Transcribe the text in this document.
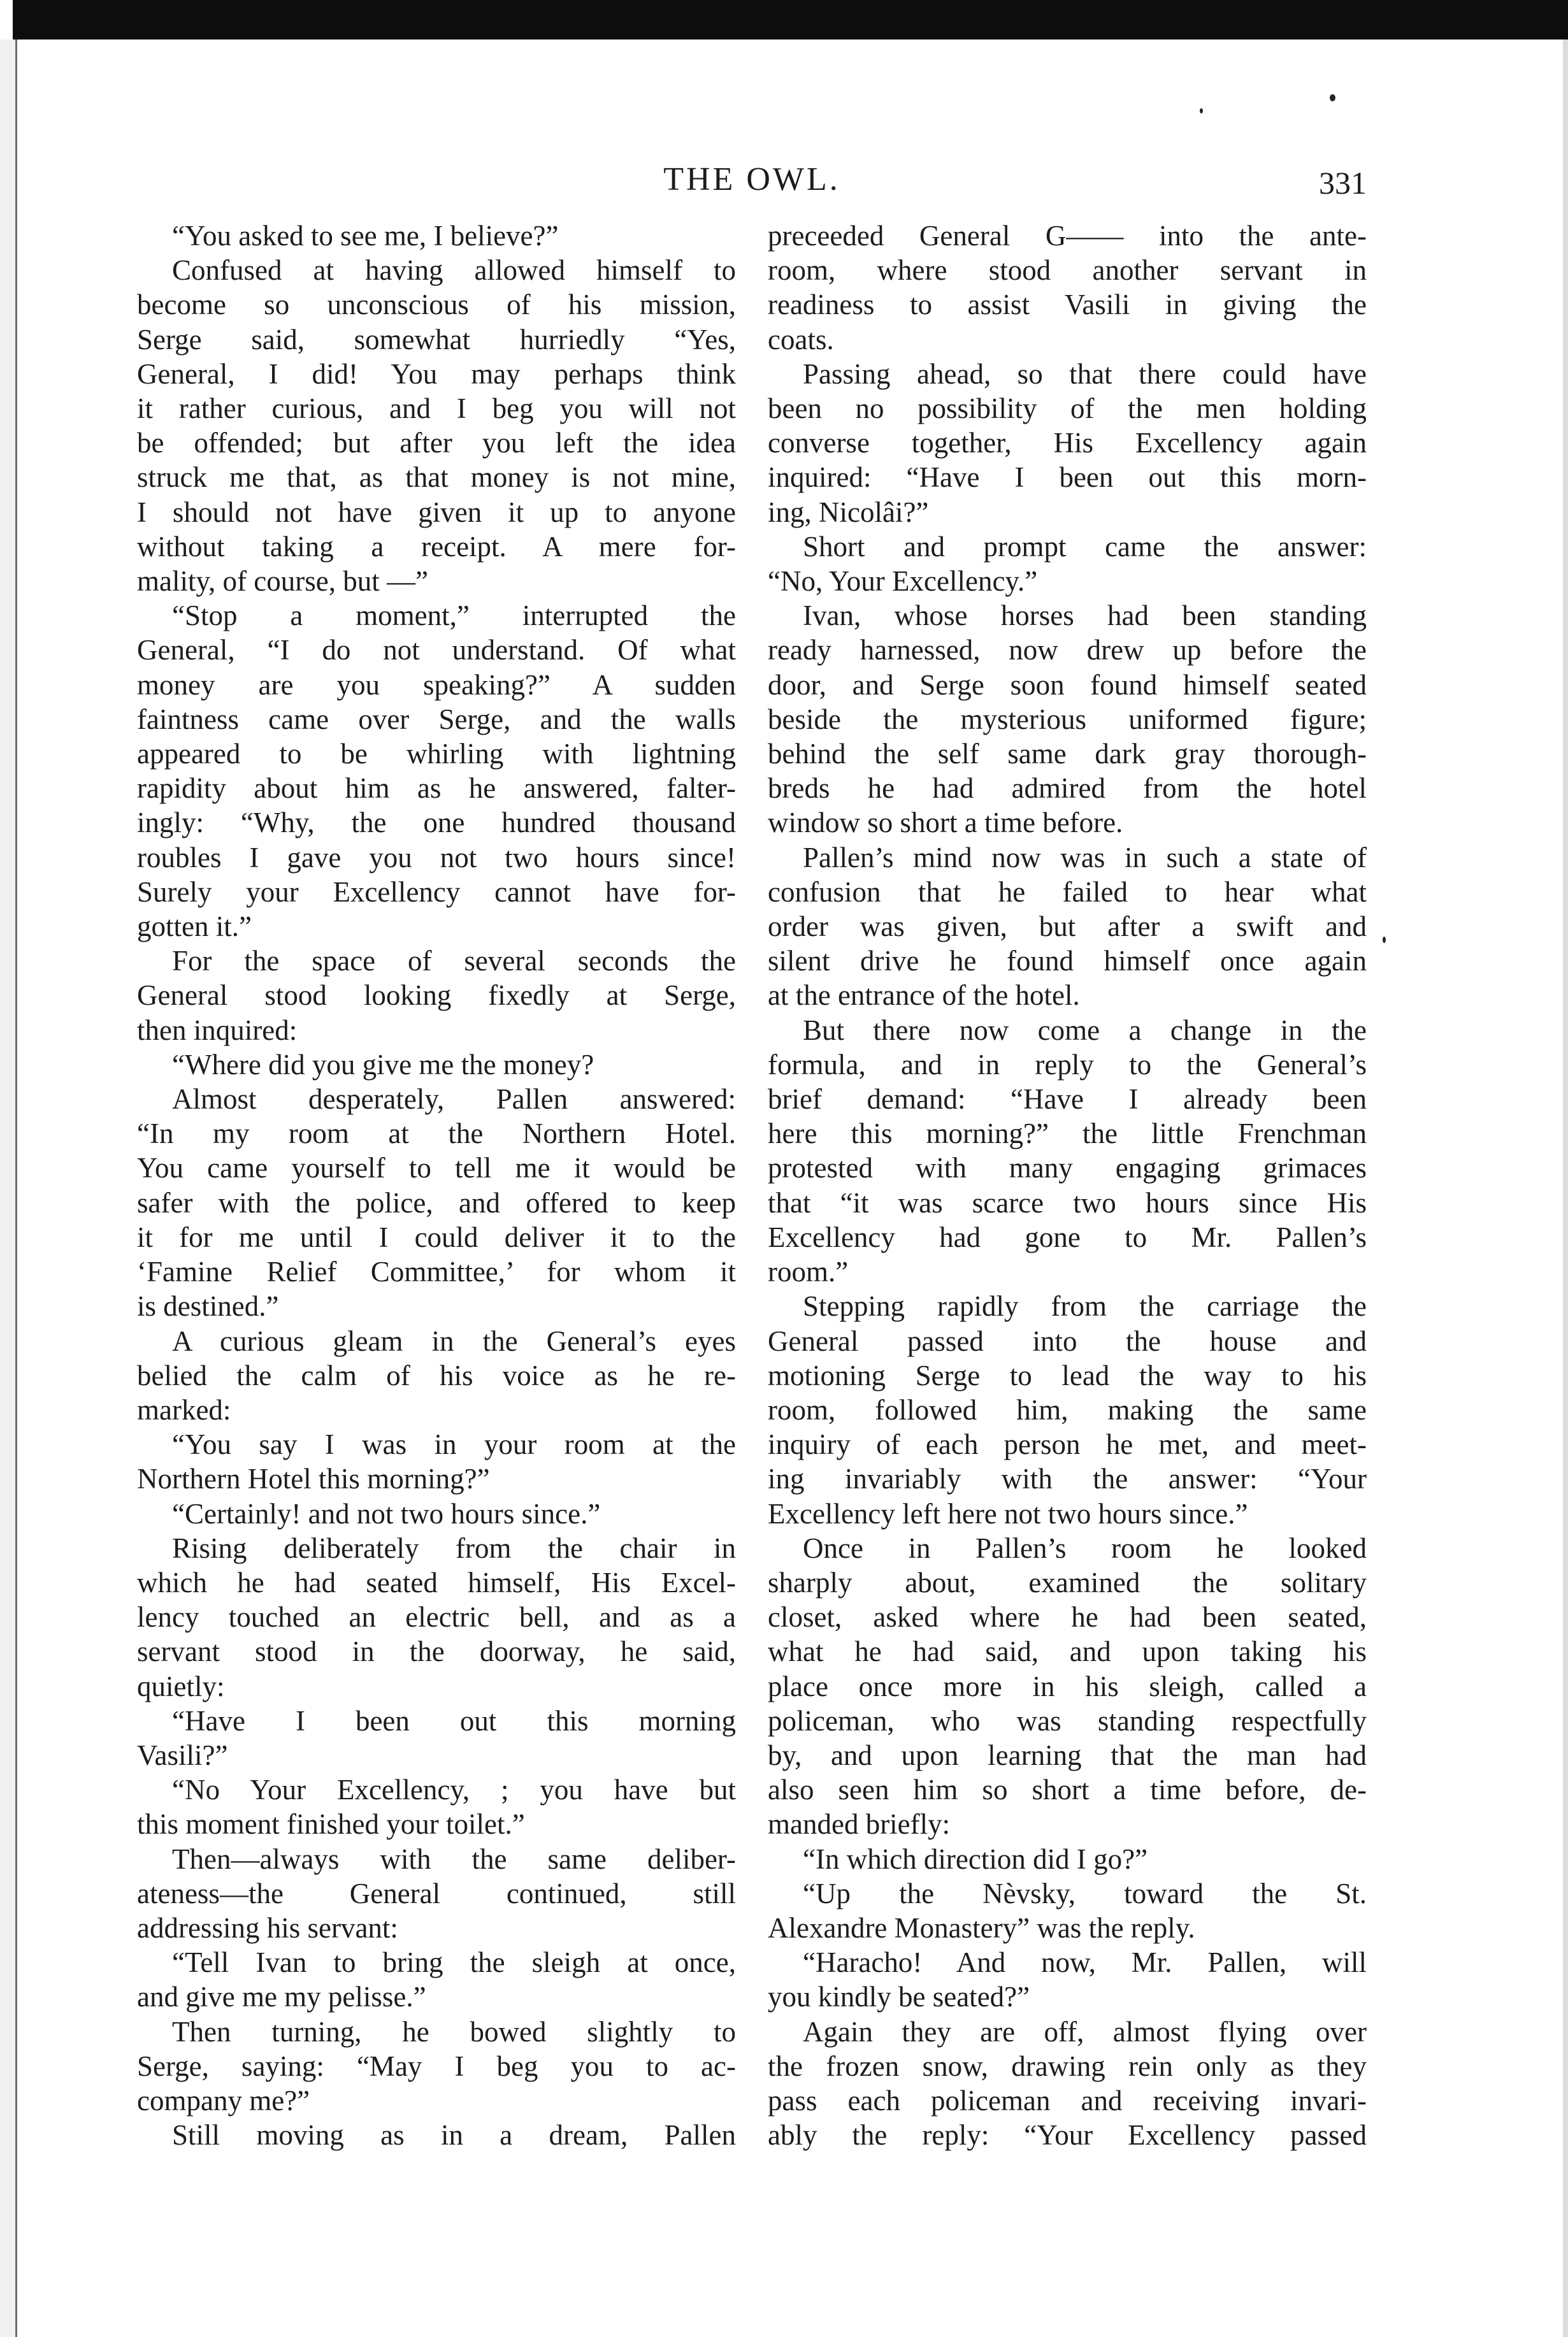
THE OWL.	331
“You asked to see me, I believe?”
Confused at having allowed himself to
become so unconscious of his mission,
Serge said, somewhat hurriedly “Yes,
General, I did! You may perhaps think
it rather curious, and I beg you will not
be offended; but after you left the idea
struck me that, as that money is not mine,
I should not have given it up to anyone
without taking a receipt. A mere for-
mality, of course, but —”
“Stop a moment,” interrupted the
General, “I do not understand. Of what
money are you speaking?” A sudden
faintness came over Serge, and the walls
appeared to be whirling with lightning
rapidity about him as he answered, falter-
ingly: “Why, the one hundred thousand
roubles I gave you not two hours since!
Surely your Excellency cannot have for-
gotten it.”
For the space of several seconds the
General stood looking fixedly at Serge,
then inquired:
“Where did you give me the money?
Almost desperately, Pallen answered:
“In my room at the Northern Hotel.
You came yourself to tell me it would be
safer with the police, and offered to keep
it for me until I could deliver it to the
‘Famine Relief Committee,’ for whom it
is destined.”
A curious gleam in the General’s eyes
belied the calm of his voice as he re-
marked:
“You say I was in your room at the
Northern Hotel this morning?”
“Certainly! and not two hours since.”
Rising deliberately from the chair in
which he had seated himself, His Excel-
lency touched an electric bell, and as a
servant stood in the doorway, he said,
quietly:
“Have I been out this morning
Vasili?”
“No Your Excellency, ; you have but
this moment finished your toilet.”
Then—always with the same deliber-
ateness—the General continued, still
addressing his servant:
“Tell Ivan to bring the sleigh at once,
and give me my pelisse.”
Then turning, he bowed slightly to
Serge, saying: “May I beg you to ac-
company me?”
Still moving as in a dream, Pallen
preceeded General G—— into the ante-
room, where stood another servant in
readiness to assist Vasili in giving the
coats.
Passing ahead, so that there could have
been no possibility of the men holding
converse together, His Excellency again
inquired: “Have I been out this morn-
ing, Nicolâi?”
Short and prompt came the answer:
“No, Your Excellency.”
Ivan, whose horses had been standing
ready harnessed, now drew up before the
door, and Serge soon found himself seated
beside the mysterious uniformed figure;
behind the self same dark gray thorough-
breds he had admired from the hotel
window so short a time before.
Pallen’s mind now was in such a state of
confusion that he failed to hear what
order was given, but after a swift and
silent drive he found himself once again
at the entrance of the hotel.
But there now come a change in the
formula, and in reply to the General’s
brief demand: “Have I already been
here this morning?” the little Frenchman
protested with many engaging grimaces
that “it was scarce two hours since His
Excellency had gone to Mr. Pallen’s
room.”
Stepping rapidly from the carriage the
General passed into the house and
motioning Serge to lead the way to his
room, followed him, making the same
inquiry of each person he met, and meet-
ing invariably with the answer: “Your
Excellency left here not two hours since.”
Once in Pallen’s room he looked
sharply about, examined the solitary
closet, asked where he had been seated,
what he had said, and upon taking his
place once more in his sleigh, called a
policeman, who was standing respectfully
by, and upon learning that the man had
also seen him so short a time before, de-
manded briefly:
“In which direction did I go?”
“Up the Nèvsky, toward the St.
Alexandre Monastery” was the reply.
“Haracho! And now, Mr. Pallen, will
you kindly be seated?”
Again they are off, almost flying over
the frozen snow, drawing rein only as they
pass each policeman and receiving invari-
ably the reply: “Your Excellency passed
